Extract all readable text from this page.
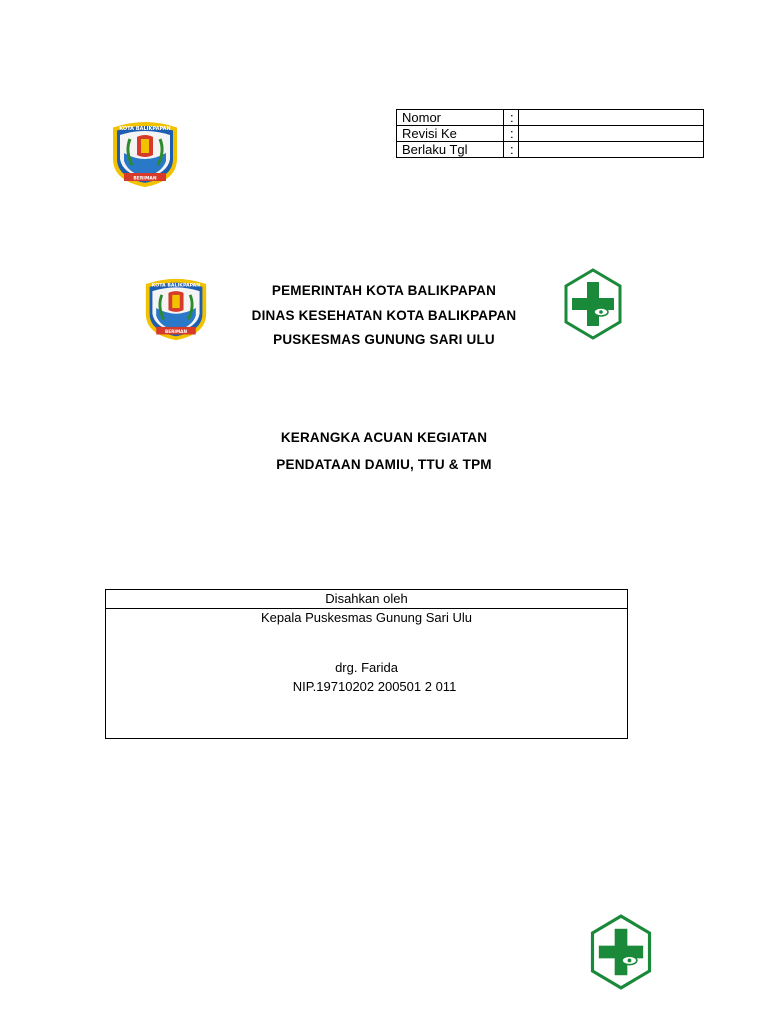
KOTA BALIKPAPAN
BERIMAN
Nomor	:	
Revisi Ke	:	
Berlaku Tgl	:	
KOTA BALIKPAPAN
BERIMAN
PEMERINTAH KOTA BALIKPAPAN
DINAS KESEHATAN KOTA BALIKPAPAN
PUSKESMAS GUNUNG SARI ULU
KERANGKA ACUAN KEGIATAN
PENDATAAN DAMIU, TTU & TPM
Disahkan oleh
Kepala Puskesmas Gunung Sari Ulu
drg. Farida
NIP.19710202 200501 2 011
